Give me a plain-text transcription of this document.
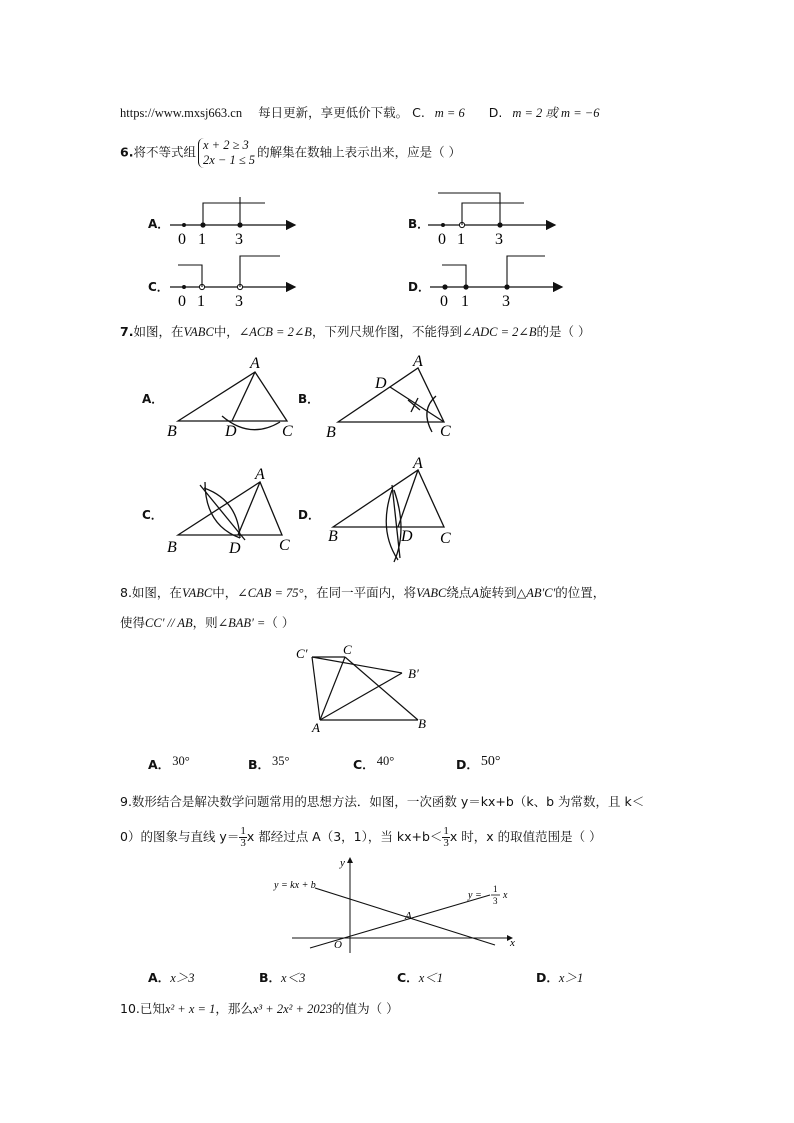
https://www.mxsj663.cn 每日更新，享更低价下载。 C. m = 6 D. m = 2 或 m = −6
6.将不等式组 x + 2 ≥ 3
2x − 1 ≤ 5
的解集在数轴上表示出来，应是（ ）
A．	B．
C．	D．
0 1 3	0 1 3
0 1 3	0 1 3
7.如图，在VABC中，∠ACB = 2∠B，下列尺规作图，不能得到∠ADC = 2∠B的是（ ）
A．	B．
C．	D．
A
B	C
D
A
B	C
D
A
B	C
D
A
B	C
D
8.如图，在VABC中，∠CAB = 75°，在同一平面内，将VABC绕点A旋转到△AB′C′的位置，
使得CC′ // AB，则∠BAB′ =（ ）
C′	C
B′
A	B
A． 30°	B． 35°	C． 40°	D． 50°
9.数形结合是解决数学问题常用的思想方法．如图，一次函数 y＝kx+b（k、b 为常数，且 k＜
0）的图象与直线 $y= \frac{1}{3}$ x 都经过点 A（3，1），当 $kx+b< \frac{1}{3}$ x 时，x 的取值范围是（ ）
y
x
O
A
y = kx + b
y =
1
3 x
A．x＞3	B．x＜3	C．x＜1	D．x＞1
10.已知x² + x = 1，那么x³ + 2x² + 2023的值为（ ）
